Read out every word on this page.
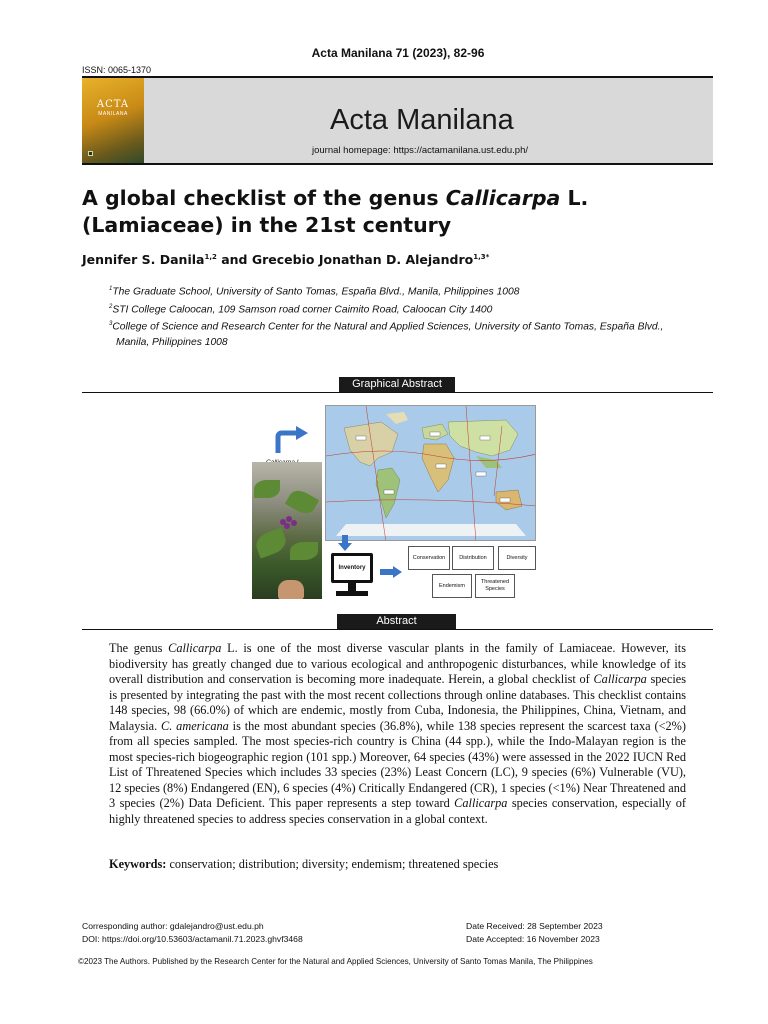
Acta Manilana 71 (2023), 82-96
ISSN: 0065-1370
ACTA
MANILANA	Acta Manilana
journal homepage: https://actamanilana.ust.edu.ph/
A global checklist of the genus Callicarpa L. (Lamiaceae) in the 21st century
Jennifer S. Danila$^{1,2}$ and Grecebio Jonathan D. Alejandro$^{1,3*}$
$^1$The Graduate School, University of Santo Tomas, España Blvd., Manila, Philippines 1008
$^2$STI College Caloocan, 109 Samson road corner Caimito Road, Caloocan City 1400
$^3$College of Science and Research Center for the Natural and Applied Sciences, University of Santo Tomas, España Blvd.,
Manila, Philippines 1008
Graphical Abstract
Inventory
Conservation	Distribution	Diversity
Endemism
Threatened Species
Abstract

The genus Callicarpa L. is one of the most diverse vascular plants in the family of Lamiaceae. However, its biodiversity has greatly changed due to various ecological and anthropogenic disturbances, while knowledge of its overall distribution and conservation is becoming more inadequate. Herein, a global checklist of Callicarpa species is presented by integrating the past with the most recent collections through online databases. This checklist contains 148 species, 98 (66.0%) of which are endemic, mostly from Cuba, Indonesia, the Philippines, China, Vietnam, and Malaysia. C. americana is the most abundant species (36.8%), while 138 species represent the scarcest taxa (<2%) from all species sampled. The most species-rich country is China (44 spp.), while the Indo-Malayan region is the most species-rich biogeographic region (101 spp.) Moreover, 64 species (43%) were assessed in the 2022 IUCN Red List of Threatened Species which includes 33 species (23%) Least Concern (LC), 9 species (6%) Vulnerable (VU), 12 species (8%) Endangered (EN), 6 species (4%) Critically Endangered (CR), 1 species (<1%) Near Threatened and 3 species (2%) Data Deficient. This paper represents a step toward Callicarpa species conservation, especially of highly threatened species to address species conservation in a global context.

Keywords: conservation; distribution; diversity; endemism; threatened species
Corresponding author: gdalejandro@ust.edu.ph
DOI: https://doi.org/10.53603/actamanil.71.2023.ghvf3468
Date Received: 28 September 2023
Date Accepted: 16 November 2023
©2023 The Authors. Published by the Research Center for the Natural and Applied Sciences, University of Santo Tomas Manila, The Philippines
